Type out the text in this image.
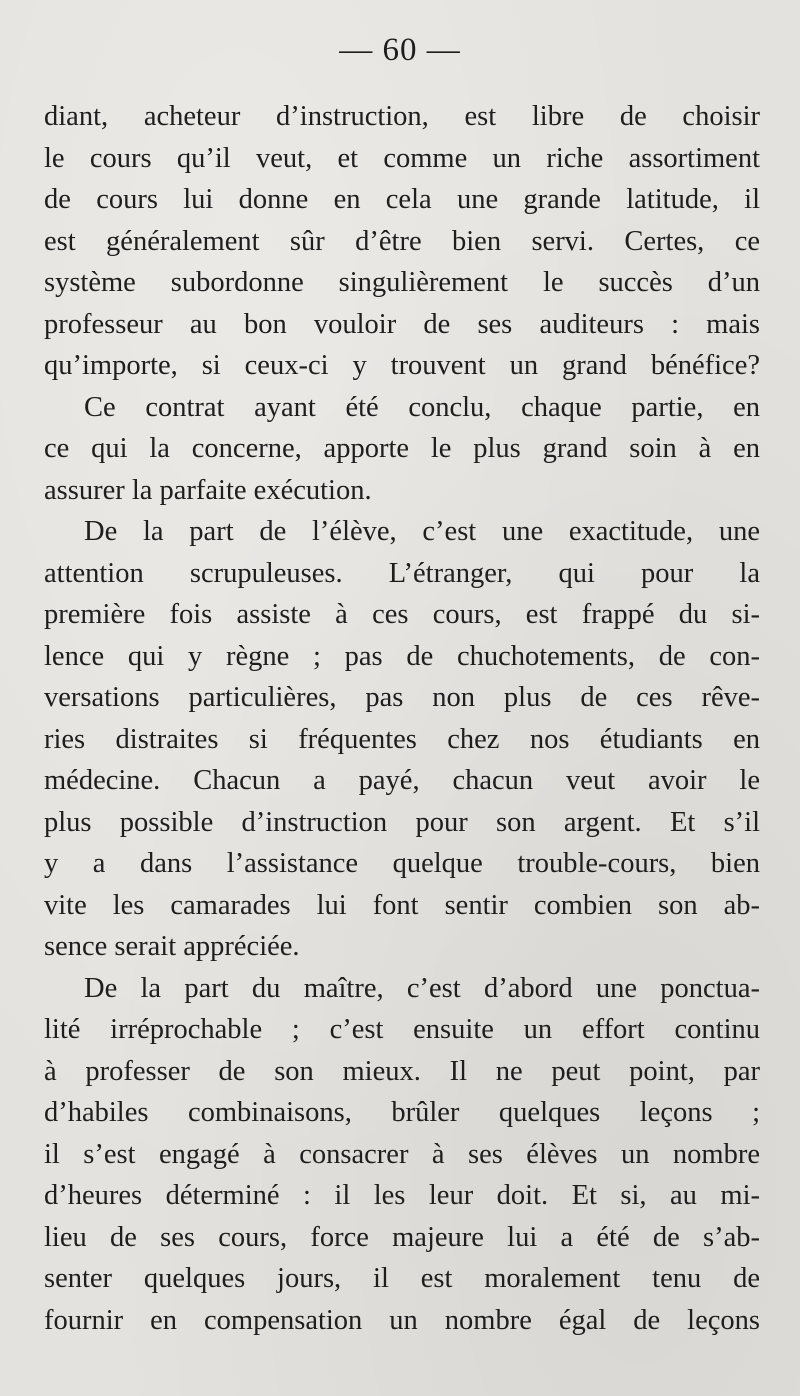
— 60 —
diant, acheteur d’instruction, est libre de choisir
le cours qu’il veut, et comme un riche assortiment
de cours lui donne en cela une grande latitude, il
est généralement sûr d’être bien servi. Certes, ce
système subordonne singulièrement le succès d’un
professeur au bon vouloir de ses auditeurs : mais
qu’importe, si ceux-ci y trouvent un grand bénéfice?
Ce contrat ayant été conclu, chaque partie, en
ce qui la concerne, apporte le plus grand soin à en
assurer la parfaite exécution.
De la part de l’élève, c’est une exactitude, une
attention scrupuleuses. L’étranger, qui pour la
première fois assiste à ces cours, est frappé du si-
lence qui y règne ; pas de chuchotements, de con-
versations particulières, pas non plus de ces rêve-
ries distraites si fréquentes chez nos étudiants en
médecine. Chacun a payé, chacun veut avoir le
plus possible d’instruction pour son argent. Et s’il
y a dans l’assistance quelque trouble-cours, bien
vite les camarades lui font sentir combien son ab-
sence serait appréciée.
De la part du maître, c’est d’abord une ponctua-
lité irréprochable ; c’est ensuite un effort continu
à professer de son mieux. Il ne peut point, par
d’habiles combinaisons, brûler quelques leçons ;
il s’est engagé à consacrer à ses élèves un nombre
d’heures déterminé : il les leur doit. Et si, au mi-
lieu de ses cours, force majeure lui a été de s’ab-
senter quelques jours, il est moralement tenu de
fournir en compensation un nombre égal de leçons
